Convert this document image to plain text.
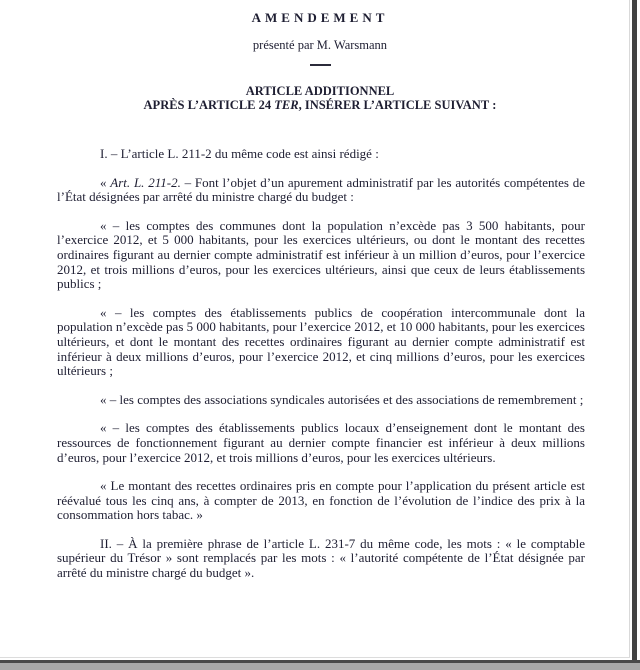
AMENDEMENT
présenté par M. Warsmann
ARTICLE ADDITIONNEL
APRÈS L’ARTICLE 24 TER, INSÉRER L’ARTICLE SUIVANT :

I. – L’article L. 211-2 du même code est ainsi rédigé :

« Art. L. 211-2. – Font l’objet d’un apurement administratif par les autorités compétentes de l’État désignées par arrêté du ministre chargé du budget :

« – les comptes des communes dont la population n’excède pas 3 500 habitants, pour l’exercice 2012, et 5 000 habitants, pour les exercices ultérieurs, ou dont le montant des recettes ordinaires figurant au dernier compte administratif est inférieur à un million d’euros, pour l’exercice 2012, et trois millions d’euros, pour les exercices ultérieurs, ainsi que ceux de leurs établissements publics ;

« – les comptes des établissements publics de coopération intercommunale dont la population n’excède pas 5 000 habitants, pour l’exercice 2012, et 10 000 habitants, pour les exercices ultérieurs, et dont le montant des recettes ordinaires figurant au dernier compte administratif est inférieur à deux millions d’euros, pour l’exercice 2012, et cinq millions d’euros, pour les exercices ultérieurs ;

« – les comptes des associations syndicales autorisées et des associations de remembrement ;

« – les comptes des établissements publics locaux d’enseignement dont le montant des ressources de fonctionnement figurant au dernier compte financier est inférieur à deux millions d’euros, pour l’exercice 2012, et trois millions d’euros, pour les exercices ultérieurs.

« Le montant des recettes ordinaires pris en compte pour l’application du présent article est réévalué tous les cinq ans, à compter de 2013, en fonction de l’évolution de l’indice des prix à la consommation hors tabac. »

II. – À la première phrase de l’article L. 231-7 du même code, les mots : « le comptable supérieur du Trésor » sont remplacés par les mots : « l’autorité compétente de l’État désignée par arrêté du ministre chargé du budget ».
